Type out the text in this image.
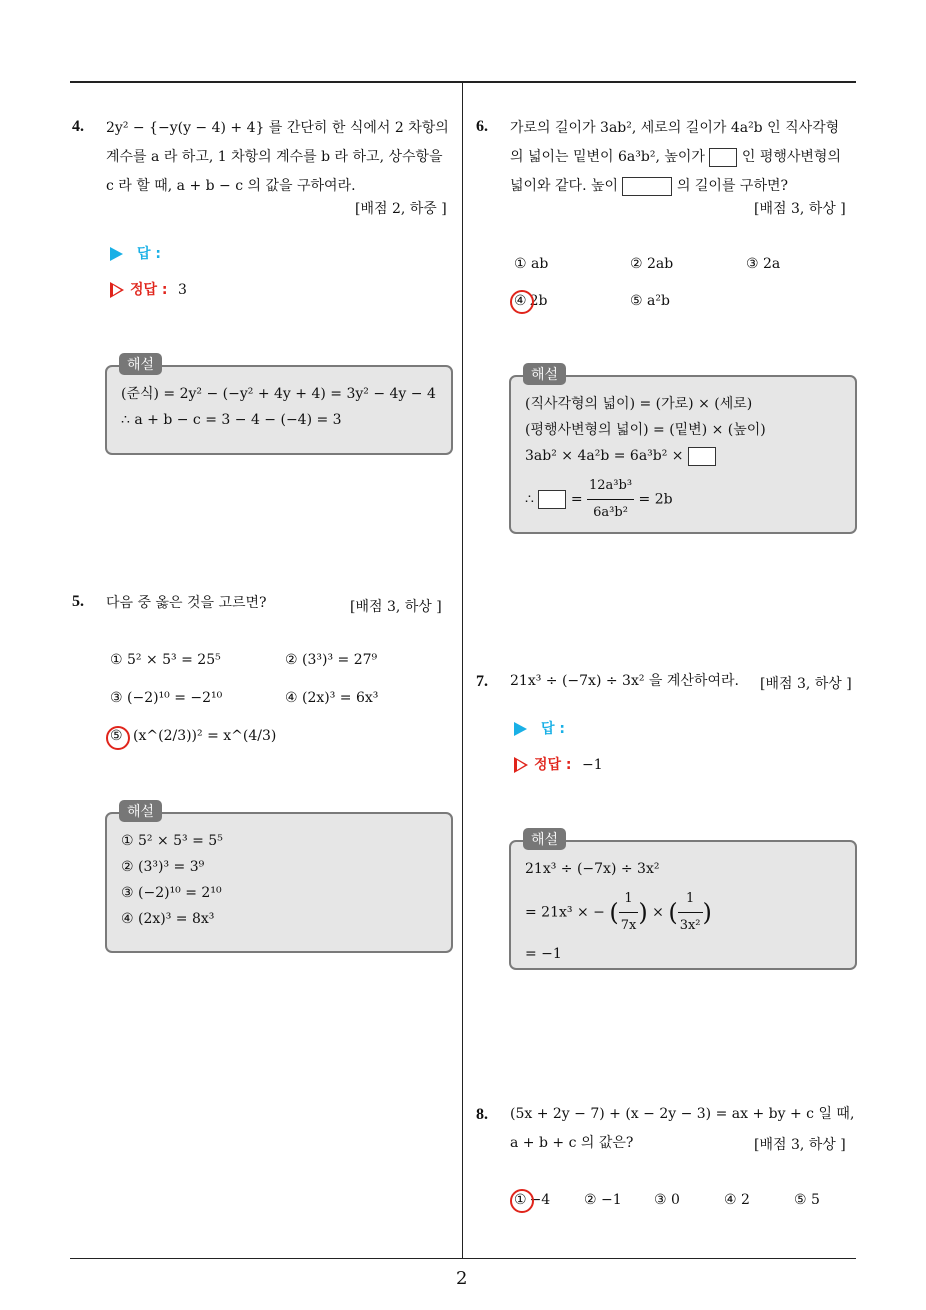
2
4. 2y² − {−y(y − 4) + 4} 를 간단히 한 식에서 2 차항의
계수를 a 라 하고, 1 차항의 계수를 b 라 하고, 상수항을
c 라 할 때, a + b − c 의 값을 구하여라.
[배점 2, 하중 ]
답 :
정답 : 3
해설
(준식) = 2y² − (−y² + 4y + 4) = 3y² − 4y − 4
∴ a + b − c = 3 − 4 − (−4) = 3
5. 다음 중 옳은 것을 고르면?	[배점 3, 하상 ]
① 5² × 5³ = 25⁵	② (3³)³ = 27⁹
③ (−2)¹⁰ = −2¹⁰	④ (2x)³ = 6x³
⑤ (x^(2/3))² = x^(4/3)
해설
① 5² × 5³ = 5⁵
② (3³)³ = 3⁹
③ (−2)¹⁰ = 2¹⁰
④ (2x)³ = 8x³
6. 가로의 길이가 3ab², 세로의 길이가 4a²b 인 직사각형
의 넓이는 밑변이 6a³b², 높이가	인 평행사변형의
넓이와 같다. 높이	의 길이를 구하면?
[배점 3, 하상 ]
① ab	② 2ab	③ 2a
④ 2b	⑤ a²b
해설
(직사각형의 넓이) = (가로) × (세로)
(평행사변형의 넓이) = (밑변) × (높이)
3ab² × 4a²b = 6a³b² ×
∴	= $\frac{\text{12a³b³}}{\text{6a³b²}} = 2b$
7. 21x³ ÷ (−7x) ÷ 3x² 을 계산하여라. [배점 3, 하상 ]
답 :
정답 : −1
해설
21x³ ÷ (−7x) ÷ 3x²
= 21x³ × − ( $\frac{1}{7x}$ ) × ( $\frac{1}{\text{3x²}}$ )
= −1
8. (5x + 2y − 7) + (x − 2y − 3) = ax + by + c 일 때,
a + b + c 의 값은?	[배점 3, 하상 ]
① −4 ② −1 ③ 0	④ 2	⑤ 5
